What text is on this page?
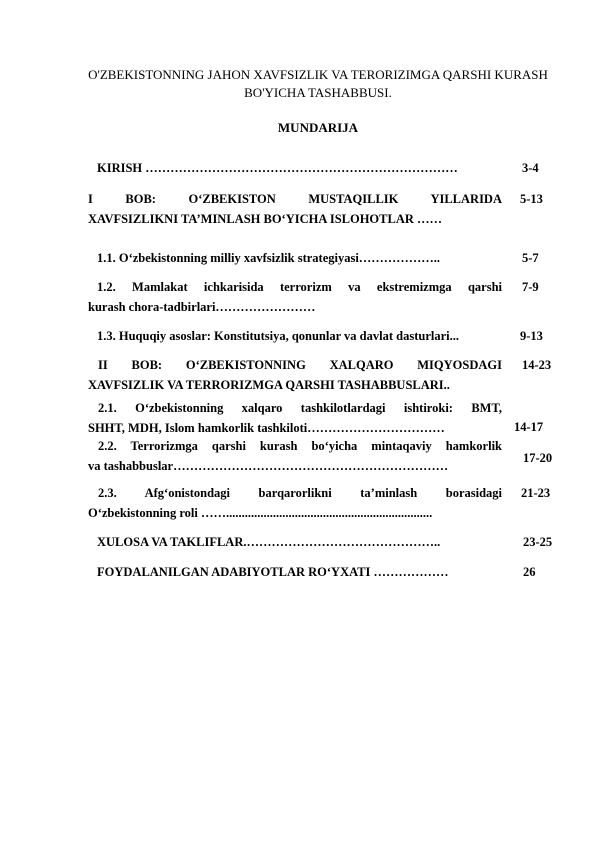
O'ZBEKISTONNING JAHON XAVFSIZLIK VA TERORIZIMGA QARSHI KURASH BO'YICHA TASHABBUSI.
MUNDARIJA
KIRISH …………………………………………………………………	3-4
I BOB: O‘ZBEKISTON MUSTAQILLIK YILLARIDA
XAVFSIZLIKNI TA’MINLASH BO‘YICHA ISLOHOTLAR ……
5-13
1.1. O‘zbekistonning milliy xavfsizlik strategiyasi………………..	5-7
1.2. Mamlakat ichkarisida terrorizm va ekstremizmga qarshi
kurash chora-tadbirlari……………………
7-9
1.3. Huquqiy asoslar: Konstitutsiya, qonunlar va davlat dasturlari...	9-13
II BOB: O‘ZBEKISTONNING XALQARO MIQYOSDAGI
XAVFSIZLIK VA TERRORIZMGA QARSHI TASHABBUSLARI..
14-23
2.1. O‘zbekistonning xalqaro tashkilotlardagi ishtiroki: BMT,
SHHT, MDH, Islom hamkorlik tashkiloti……………………………	14-17
2.2. Terrorizmga qarshi kurash bo‘yicha mintaqaviy hamkorlik
va tashabbuslar…………………………………………………………
17-20
2.3. Afg‘onistondagi barqarorlikni ta’minlash borasidagi
O‘zbekistonning roli ……..................................................................
21-23
XULOSA VA TAKLIFLAR.………………………………………..	23-25
FOYDALANILGAN ADABIYOTLAR RO‘YXATI ………………	26
